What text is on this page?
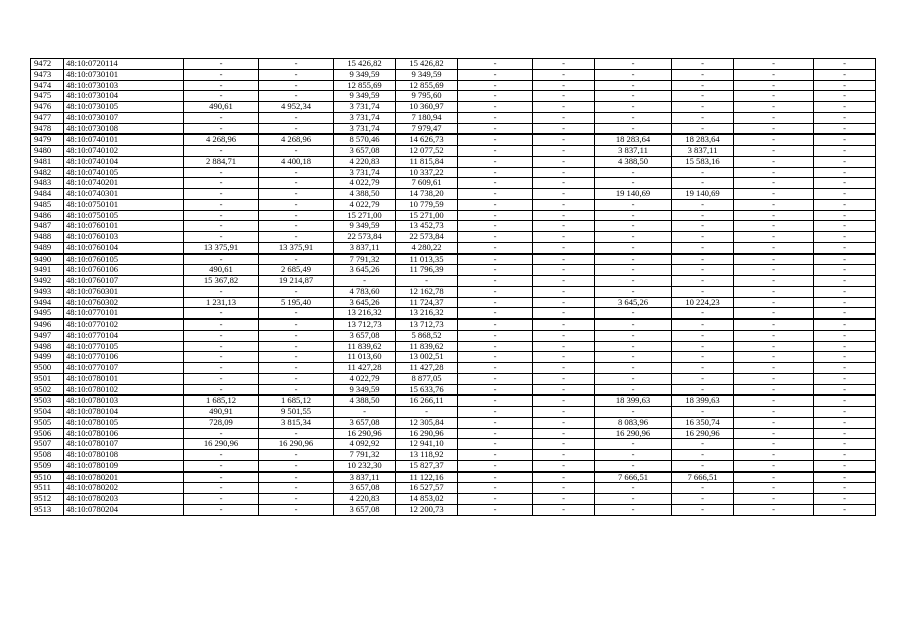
9472	48:10:0720114	-	-	15 426,82	15 426,82	-	-	-	-	-	-
9473	48:10:0730101	-	-	9 349,59	9 349,59	-	-	-	-	-	-
9474	48:10:0730103	-	-	12 855,69	12 855,69	-	-	-	-	-	-
9475	48:10:0730104	-	-	9 349,59	9 795,60	-	-	-	-	-	-
9476	48:10:0730105	490,61	4 952,34	3 731,74	10 360,97	-	-	-	-	-	-
9477	48:10:0730107	-	-	3 731,74	7 180,94	-	-	-	-	-	-
9478	48:10:0730108	-	-	3 731,74	7 979,47	-	-	-	-	-	-
9479	48:10:0740101	4 268,96	4 268,96	8 570,46	14 626,73	-	-	18 283,64	18 283,64	-	-
9480	48:10:0740102	-	-	3 657,08	12 077,52	-	-	3 837,11	3 837,11	-	-
9481	48:10:0740104	2 884,71	4 400,18	4 220,83	11 815,84	-	-	4 388,50	15 583,16	-	-
9482	48:10:0740105	-	-	3 731,74	10 337,22	-	-	-	-	-	-
9483	48:10:0740201	-	-	4 022,79	7 609,61	-	-	-	-	-	-
9484	48:10:0740301	-	-	4 388,50	14 738,20	-	-	19 140,69	19 140,69	-	-
9485	48:10:0750101	-	-	4 022,79	10 779,59	-	-	-	-	-	-
9486	48:10:0750105	-	-	15 271,00	15 271,00	-	-	-	-	-	-
9487	48:10:0760101	-	-	9 349,59	13 452,73	-	-	-	-	-	-
9488	48:10:0760103	-	-	22 573,84	22 573,84	-	-	-	-	-	-
9489	48:10:0760104	13 375,91	13 375,91	3 837,11	4 280,22	-	-	-	-	-	-
9490	48:10:0760105	-	-	7 791,32	11 013,35	-	-	-	-	-	-
9491	48:10:0760106	490,61	2 685,49	3 645,26	11 796,39	-	-	-	-	-	-
9492	48:10:0760107	15 367,82	19 214,87	-	-	-	-	-	-	-	-
9493	48:10:0760301	-	-	4 783,60	12 162,78	-	-	-	-	-	-
9494	48:10:0760302	1 231,13	5 195,40	3 645,26	11 724,37	-	-	3 645,26	10 224,23	-	-
9495	48:10:0770101	-	-	13 216,32	13 216,32	-	-	-	-	-	-
9496	48:10:0770102	-	-	13 712,73	13 712,73	-	-	-	-	-	-
9497	48:10:0770104	-	-	3 657,08	5 868,52	-	-	-	-	-	-
9498	48:10:0770105	-	-	11 839,62	11 839,62	-	-	-	-	-	-
9499	48:10:0770106	-	-	11 013,60	13 002,51	-	-	-	-	-	-
9500	48:10:0770107	-	-	11 427,28	11 427,28	-	-	-	-	-	-
9501	48:10:0780101	-	-	4 022,79	8 877,05	-	-	-	-	-	-
9502	48:10:0780102	-	-	9 349,59	15 633,76	-	-	-	-	-	-
9503	48:10:0780103	1 685,12	1 685,12	4 388,50	16 266,11	-	-	18 399,63	18 399,63	-	-
9504	48:10:0780104	490,91	9 501,55	-	-	-	-	-	-	-	-
9505	48:10:0780105	728,09	3 815,34	3 657,08	12 305,84	-	-	8 083,96	16 350,74	-	-
9506	48:10:0780106	-	-	16 290,96	16 290,96	-	-	16 290,96	16 290,96	-	-
9507	48:10:0780107	16 290,96	16 290,96	4 092,92	12 941,10	-	-	-	-	-	-
9508	48:10:0780108	-	-	7 791,32	13 118,92	-	-	-	-	-	-
9509	48:10:0780109	-	-	10 232,30	15 827,37	-	-	-	-	-	-
9510	48:10:0780201	-	-	3 837,11	11 122,16	-	-	7 666,51	7 666,51	-	-
9511	48:10:0780202	-	-	3 657,08	16 527,57	-	-	-	-	-	-
9512	48:10:0780203	-	-	4 220,83	14 853,02	-	-	-	-	-	-
9513	48:10:0780204	-	-	3 657,08	12 200,73	-	-	-	-	-	-
